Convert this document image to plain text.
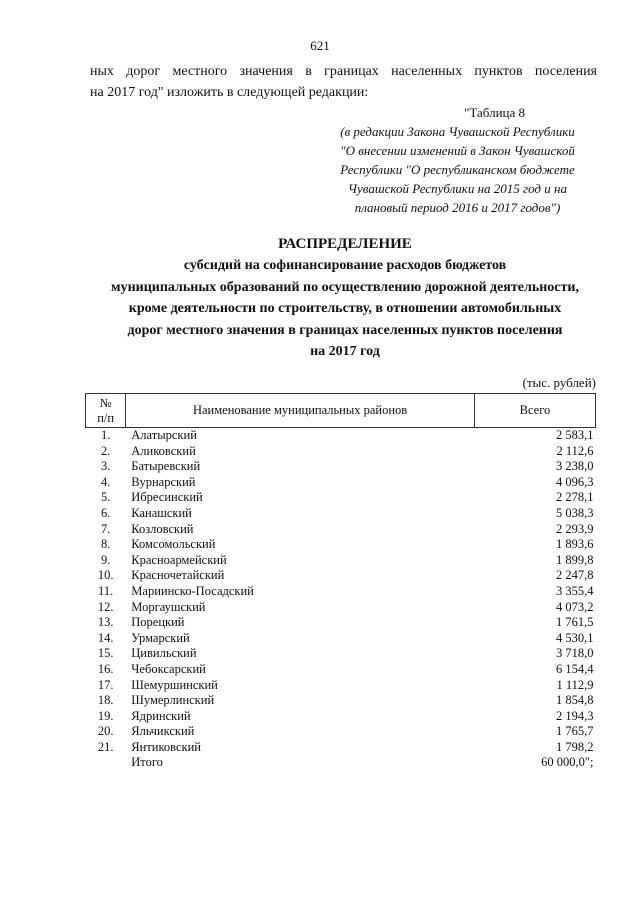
621
ных дорог местного значения в границах населенных пунктов поселения
на 2017 год" изложить в следующей редакции:
"Таблица 8
(в редакции Закона Чувашской Республики
"О внесении изменений в Закон Чувашской
Республики "О республиканском бюджете
Чувашской Республики на 2015 год и на
плановый период 2016 и 2017 годов")
РАСПРЕДЕЛЕНИЕ
субсидий на софинансирование расходов бюджетов
муниципальных образований по осуществлению дорожной деятельности,
кроме деятельности по строительству, в отношении автомобильных
дорог местного значения в границах населенных пунктов поселения
на 2017 год
(тыс. рублей)
№
п/п	Наименование муниципальных районов	Всего
1.	Алатырский	2 583,1
2.	Аликовский	2 112,6
3.	Батыревский	3 238,0
4.	Вурнарский	4 096,3
5.	Ибресинский	2 278,1
6.	Канашский	5 038,3
7.	Козловский	2 293,9
8.	Комсомольский	1 893,6
9.	Красноармейский	1 899,8
10.	Красночетайский	2 247,8
11.	Мариинско-Посадский	3 355,4
12.	Моргаушский	4 073,2
13.	Порецкий	1 761,5
14.	Урмарский	4 530,1
15.	Цивильский	3 718,0
16.	Чебоксарский	6 154,4
17.	Шемуршинский	1 112,9
18.	Шумерлинский	1 854,8
19.	Ядринский	2 194,3
20.	Яльчикский	1 765,7
21.	Янтиковский	1 798,2
	Итого	60 000,0";
